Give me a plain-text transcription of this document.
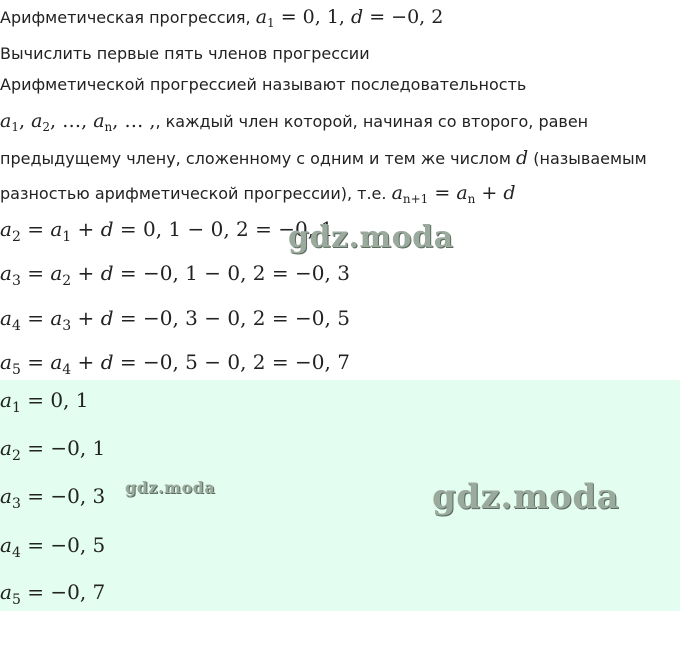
Арифметическая прогрессия, $a_1 = 0$, 1, d = −0, 2
Вычислить первые пять членов прогрессии
Арифметической прогрессией называют последовательность
$a_1$, $a_2$, …, $a_n$, … ,, каждый член которой, начиная со второго, равен
предыдущему члену, сложенному с одним и тем же числом d (называемым
разностью арифметической прогрессии), т.е. $a_{n+1} = a_n + d$
$a_2 = a_1 + d = 0$, 1 − 0, 2 = −0, 1
$a_3 = a_2 + d = -0$, 1 − 0, 2 = −0, 3
$a_4 = a_3 + d = -0$, 3 − 0, 2 = −0, 5
$a_5 = a_4 + d = -0$, 5 − 0, 2 = −0, 7
$a_1 = 0$, 1
$a_2 = -0$, 1
$a_3 = -0$, 3
$a_4 = -0$, 5
$a_5 = -0$, 7
gdz.moda
gdz.moda	gdz.moda
